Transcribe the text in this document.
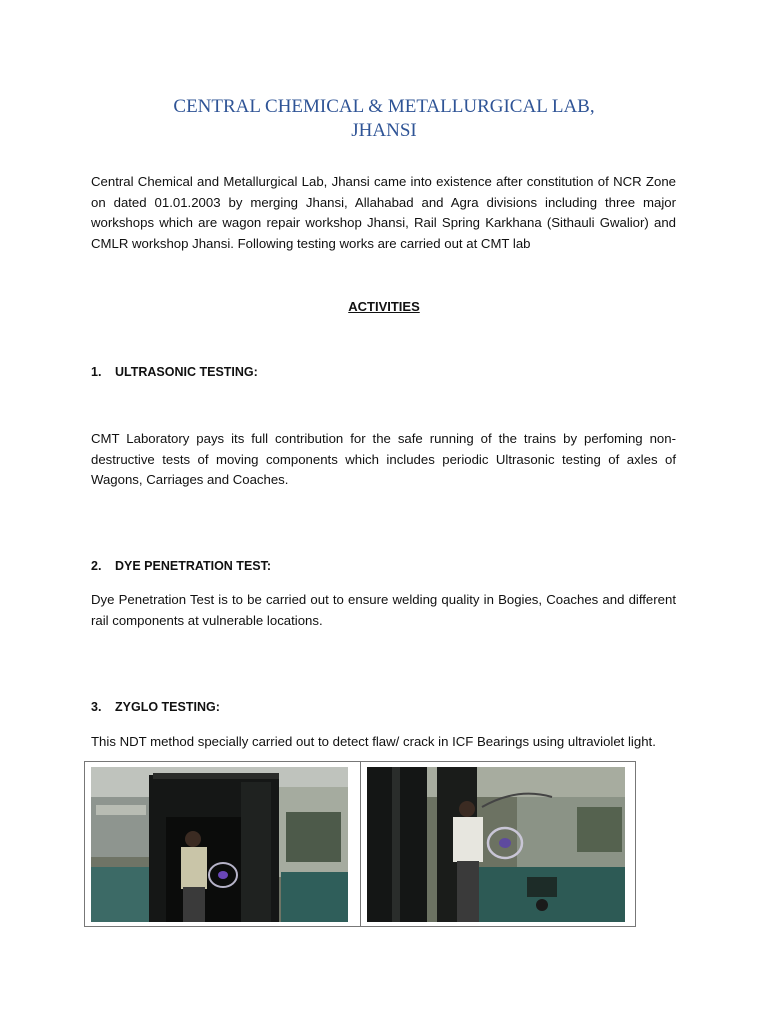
CENTRAL CHEMICAL & METALLURGICAL LAB,
JHANSI

Central Chemical and Metallurgical Lab, Jhansi came into existence after constitution of NCR Zone on dated 01.01.2003 by merging Jhansi, Allahabad and Agra divisions including three major workshops which are wagon repair workshop Jhansi, Rail Spring Karkhana (Sithauli Gwalior) and CMLR workshop Jhansi. Following testing works are carried out at CMT lab

ACTIVITIES
1. ULTRASONIC TESTING:

CMT Laboratory pays its full contribution for the safe running of the trains by perfoming non-destructive tests of moving components which includes periodic Ultrasonic testing of axles of Wagons, Carriages and Coaches.

2. DYE PENETRATION TEST:

Dye Penetration Test is to be carried out to ensure welding quality in Bogies, Coaches and different rail components at vulnerable locations.

3. ZYGLO TESTING:

This NDT method specially carried out to detect flaw/ crack in ICF Bearings using ultraviolet light.
